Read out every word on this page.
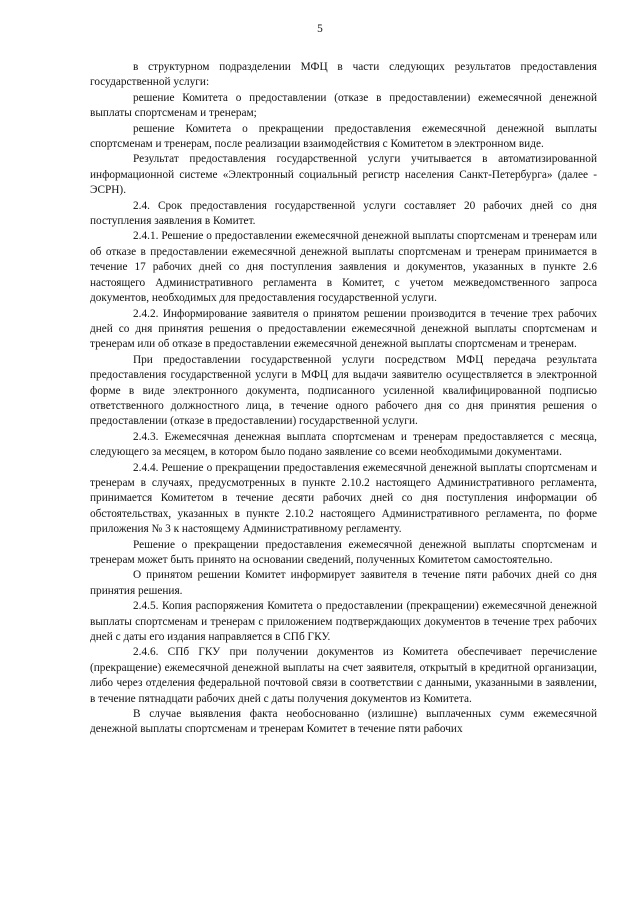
5

в структурном подразделении МФЦ в части следующих результатов предоставления государственной услуги:

решение Комитета о предоставлении (отказе в предоставлении) ежемесячной денежной выплаты спортсменам и тренерам;

решение Комитета о прекращении предоставления ежемесячной денежной выплаты спортсменам и тренерам, после реализации взаимодействия с Комитетом в электронном виде.

Результат предоставления государственной услуги учитывается в автоматизированной информационной системе «Электронный социальный регистр населения Санкт-Петербурга» (далее - ЭСРН).

2.4. Срок предоставления государственной услуги составляет 20 рабочих дней со дня поступления заявления в Комитет.

2.4.1. Решение о предоставлении ежемесячной денежной выплаты спортсменам и тренерам или об отказе в предоставлении ежемесячной денежной выплаты спортсменам и тренерам принимается в течение 17 рабочих дней со дня поступления заявления и документов, указанных в пункте 2.6 настоящего Административного регламента в Комитет, с учетом межведомственного запроса документов, необходимых для предоставления государственной услуги.

2.4.2. Информирование заявителя о принятом решении производится в течение трех рабочих дней со дня принятия решения о предоставлении ежемесячной денежной выплаты спортсменам и тренерам или об отказе в предоставлении ежемесячной денежной выплаты спортсменам и тренерам.

При предоставлении государственной услуги посредством МФЦ передача результата предоставления государственной услуги в МФЦ для выдачи заявителю осуществляется в электронной форме в виде электронного документа, подписанного усиленной квалифицированной подписью ответственного должностного лица, в течение одного рабочего дня со дня принятия решения о предоставлении (отказе в предоставлении) государственной услуги.

2.4.3. Ежемесячная денежная выплата спортсменам и тренерам предоставляется с месяца, следующего за месяцем, в котором было подано заявление со всеми необходимыми документами.

2.4.4. Решение о прекращении предоставления ежемесячной денежной выплаты спортсменам и тренерам в случаях, предусмотренных в пункте 2.10.2 настоящего Административного регламента, принимается Комитетом в течение десяти рабочих дней со дня поступления информации об обстоятельствах, указанных в пункте 2.10.2 настоящего Административного регламента, по форме приложения № 3 к настоящему Административному регламенту.

Решение о прекращении предоставления ежемесячной денежной выплаты спортсменам и тренерам может быть принято на основании сведений, полученных Комитетом самостоятельно.

О принятом решении Комитет информирует заявителя в течение пяти рабочих дней со дня принятия решения.

2.4.5. Копия распоряжения Комитета о предоставлении (прекращении) ежемесячной денежной выплаты спортсменам и тренерам с приложением подтверждающих документов в течение трех рабочих дней с даты его издания направляется в СПб ГКУ.

2.4.6. СПб ГКУ при получении документов из Комитета обеспечивает перечисление (прекращение) ежемесячной денежной выплаты на счет заявителя, открытый в кредитной организации, либо через отделения федеральной почтовой связи в соответствии с данными, указанными в заявлении, в течение пятнадцати рабочих дней с даты получения документов из Комитета.

В случае выявления факта необоснованно (излишне) выплаченных сумм ежемесячной денежной выплаты спортсменам и тренерам Комитет в течение пяти рабочих
